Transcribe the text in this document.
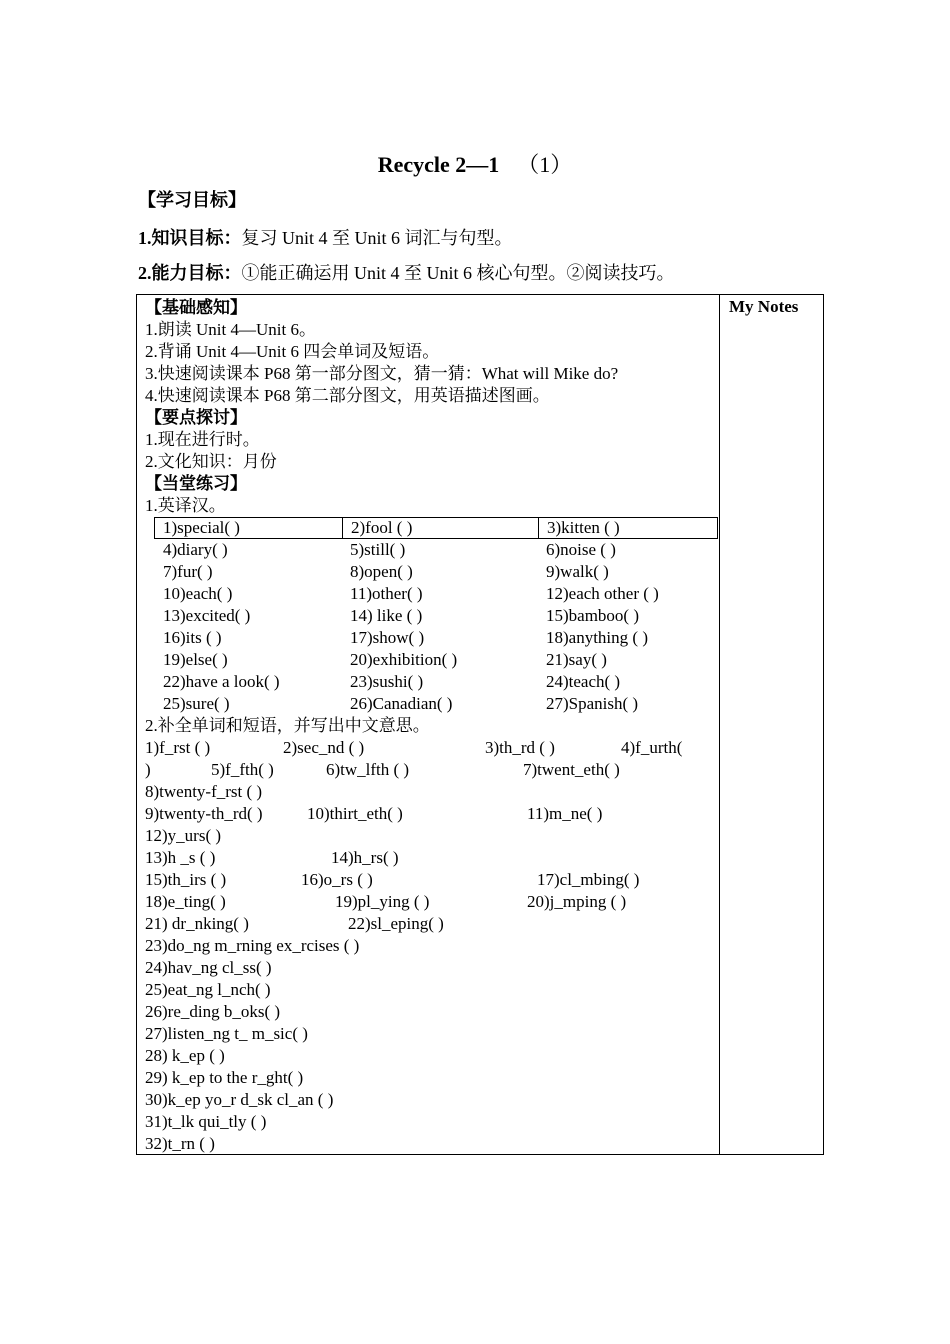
Recycle 2—1 （1）
【学习目标】
1.知识目标：复习 Unit 4 至 Unit 6 词汇与句型。
2.能力目标：①能正确运用 Unit 4 至 Unit 6 核心句型。②阅读技巧。
My Notes
【基础感知】
1.朗读 Unit 4—Unit 6。
2.背诵 Unit 4—Unit 6 四会单词及短语。
3.快速阅读课本 P68 第一部分图文，猜一猜：What will Mike do?
4.快速阅读课本 P68 第二部分图文，用英语描述图画。
【要点探讨】
1.现在进行时。
2.文化知识：月份
【当堂练习】
1.英译汉。
1)special( )	2)fool ( )	3)kitten ( )
4)diary( )	5)still( )	6)noise ( )
7)fur( )	8)open( )	9)walk( )
10)each( )	11)other( )	12)each other ( )
13)excited( )	14) like ( )	15)bamboo( )
16)its ( )	17)show( )	18)anything ( )
19)else( )	20)exhibition( )	21)say( )
22)have a look( )	23)sushi( )	24)teach( )
25)sure( )	26)Canadian( )	27)Spanish( )
2.补全单词和短语，并写出中文意思。
1)f_rst ( )	2)sec_nd ( )	3)th_rd ( )	4)f_urth(
)	5)f_fth( )	6)tw_lfth ( )	7)twent_eth( )
8)twenty-f_rst ( )
9)twenty-th_rd( )	10)thirt_eth( )	11)m_ne( )
12)y_urs( )
13)h _s ( )	14)h_rs( )
15)th_irs ( )	16)o_rs ( )	17)cl_mbing( )
18)e_ting( )	19)pl_ying ( )	20)j_mping ( )
21) dr_nking( )	22)sl_eping( )
23)do_ng m_rning ex_rcises ( )
24)hav_ng cl_ss( )
25)eat_ng l_nch( )
26)re_ding b_oks( )
27)listen_ng t_ m_sic( )
28) k_ep ( )
29) k_ep to the r_ght( )
30)k_ep yo_r d_sk cl_an ( )
31)t_lk qui_tly ( )
32)t_rn ( )
